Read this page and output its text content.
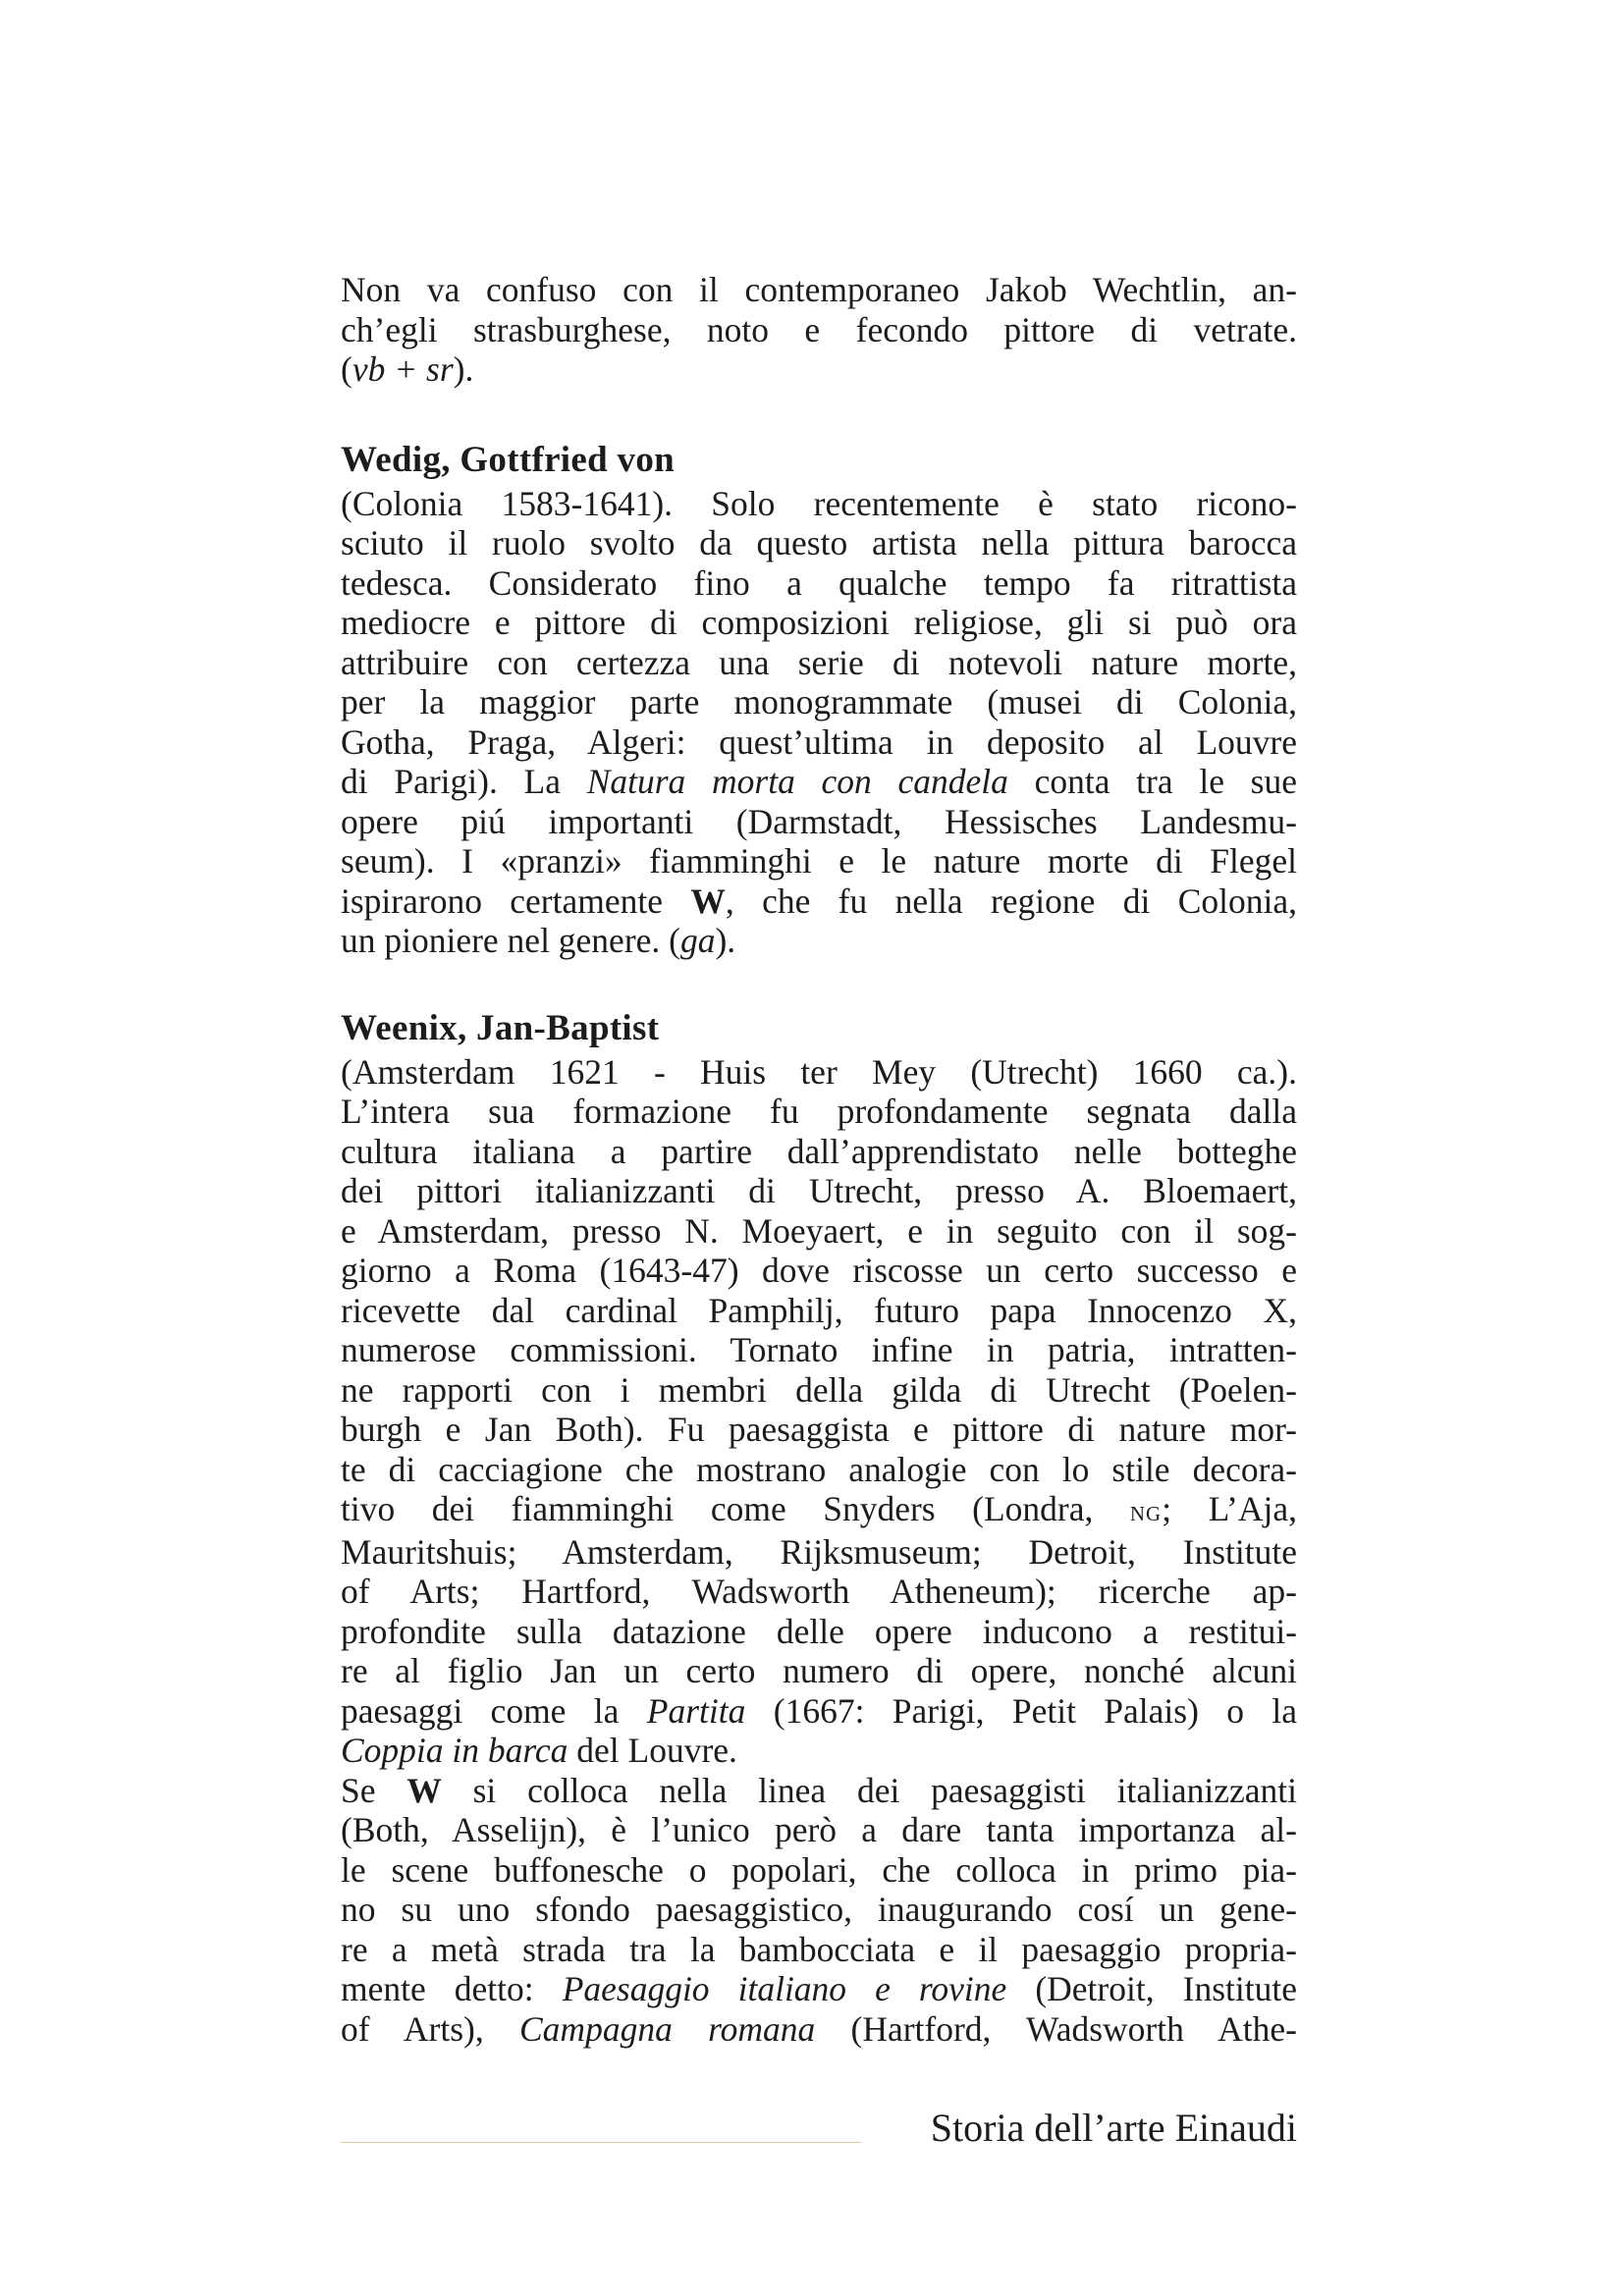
Non va confuso con il contemporaneo Jakob Wechtlin, an-
ch’egli strasburghese, noto e fecondo pittore di vetrate.
(vb + sr).
Wedig, Gottfried von
(Colonia 1583-1641). Solo recentemente è stato ricono-
sciuto il ruolo svolto da questo artista nella pittura barocca
tedesca. Considerato fino a qualche tempo fa ritrattista
mediocre e pittore di composizioni religiose, gli si può ora
attribuire con certezza una serie di notevoli nature morte,
per la maggior parte monogrammate (musei di Colonia,
Gotha, Praga, Algeri: quest’ultima in deposito al Louvre
di Parigi). La Natura morta con candela conta tra le sue
opere piú importanti (Darmstadt, Hessisches Landesmu-
seum). I «pranzi» fiamminghi e le nature morte di Flegel
ispirarono certamente W, che fu nella regione di Colonia,
un pioniere nel genere. (ga).
Weenix, Jan-Baptist
(Amsterdam 1621 - Huis ter Mey (Utrecht) 1660 ca.).
L’intera sua formazione fu profondamente segnata dalla
cultura italiana a partire dall’apprendistato nelle botteghe
dei pittori italianizzanti di Utrecht, presso A. Bloemaert,
e Amsterdam, presso N. Moeyaert, e in seguito con il sog-
giorno a Roma (1643-47) dove riscosse un certo successo e
ricevette dal cardinal Pamphilj, futuro papa Innocenzo X,
numerose commissioni. Tornato infine in patria, intratten-
ne rapporti con i membri della gilda di Utrecht (Poelen-
burgh e Jan Both). Fu paesaggista e pittore di nature mor-
te di cacciagione che mostrano analogie con lo stile decora-
tivo dei fiamminghi come Snyders (Londra, ng; L’Aja,
Mauritshuis; Amsterdam, Rijksmuseum; Detroit, Institute
of Arts; Hartford, Wadsworth Atheneum); ricerche ap-
profondite sulla datazione delle opere inducono a restitui-
re al figlio Jan un certo numero di opere, nonché alcuni
paesaggi come la Partita (1667: Parigi, Petit Palais) o la
Coppia in barca del Louvre.
Se W si colloca nella linea dei paesaggisti italianizzanti
(Both, Asselijn), è l’unico però a dare tanta importanza al-
le scene buffonesche o popolari, che colloca in primo pia-
no su uno sfondo paesaggistico, inaugurando cosí un gene-
re a metà strada tra la bambocciata e il paesaggio propria-
mente detto: Paesaggio italiano e rovine (Detroit, Institute
of Arts), Campagna romana (Hartford, Wadsworth Athe-
Storia dell’arte Einaudi
